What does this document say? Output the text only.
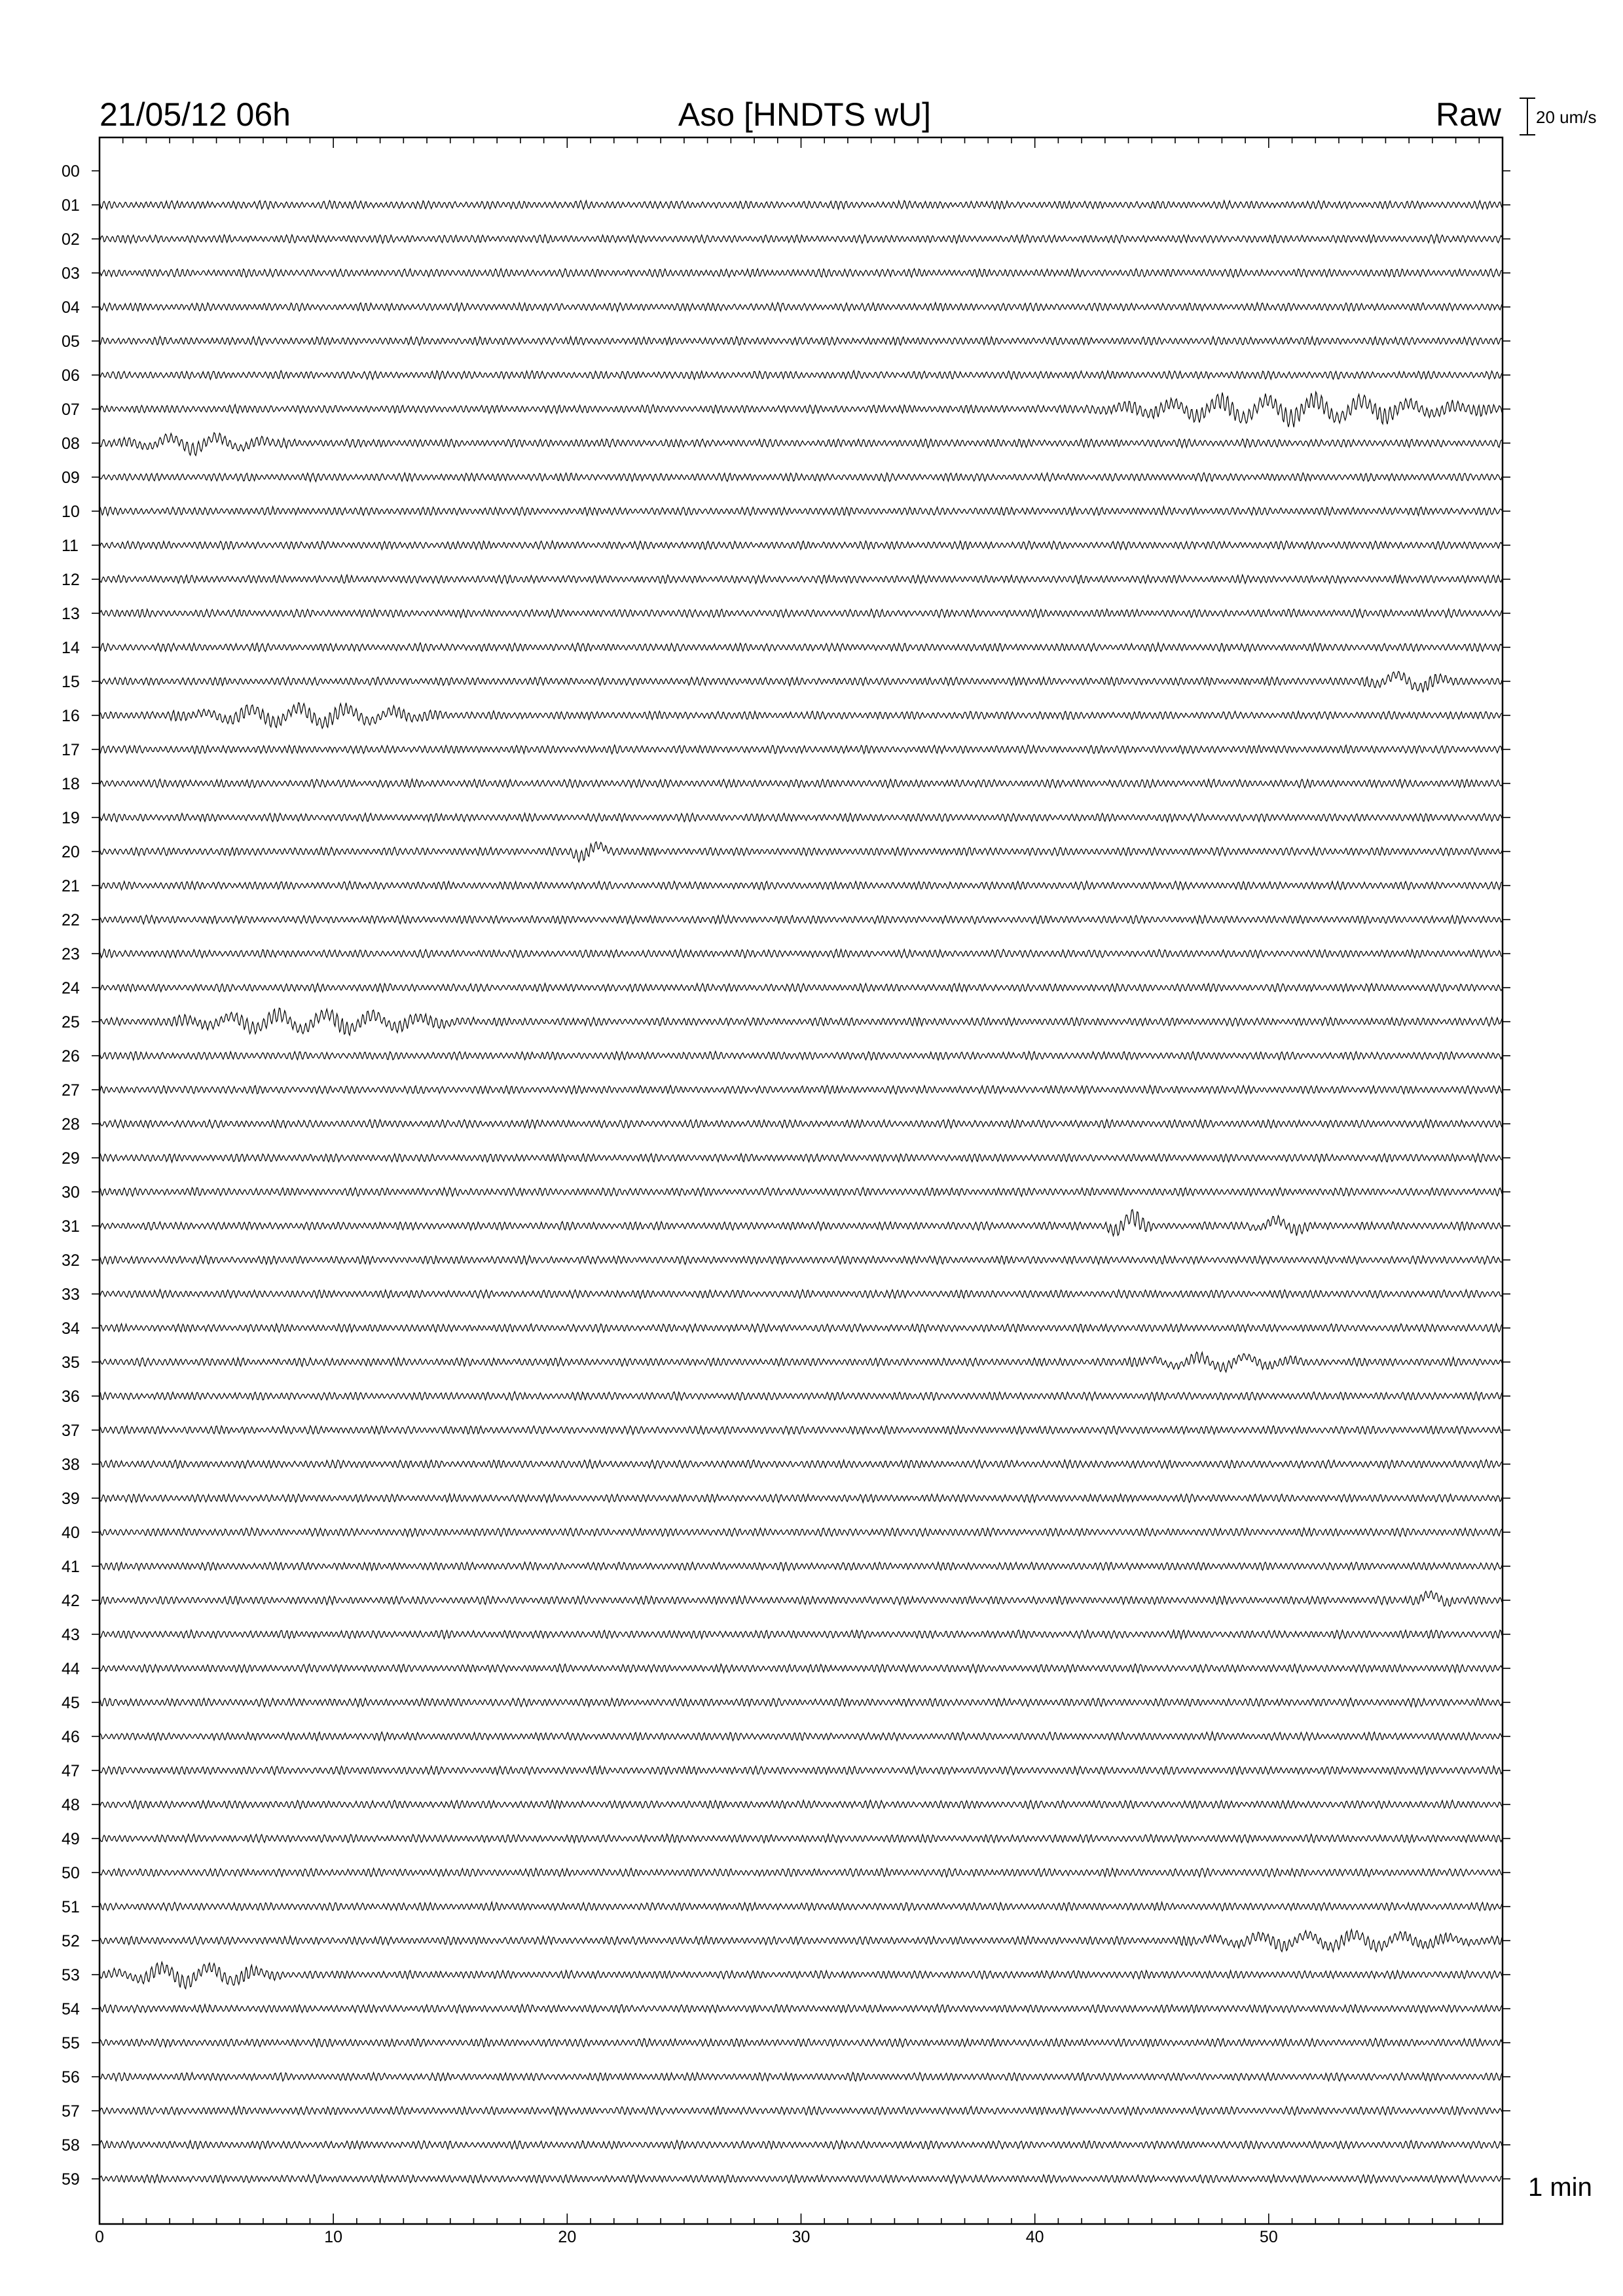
21/05/12 06h	Aso [HNDTS wU]	Raw 20 um/s
1 min
00
01
02
03
04
05
06
07
08
09
10
11
12
13
14
15
16
17
18
19
20
21
22
23
24
25
26
27
28
29
30
31
32
33
34
35
36
37
38
39
40
41
42
43
44
45
46
47
48
49
50
51
52
53
54
55
56
57
58
59
0	10	20	30	40	50
